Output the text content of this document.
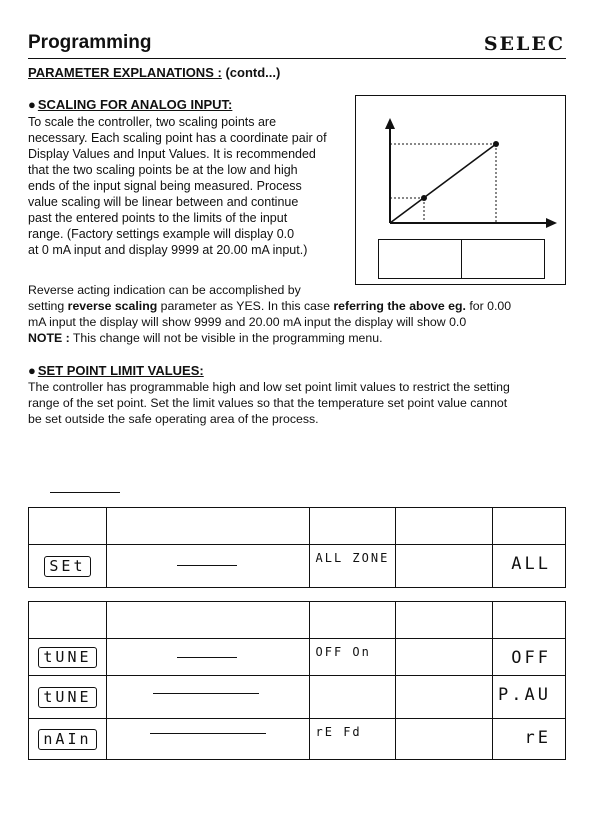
Programming	SELEC
PARAMETER EXPLANATIONS : (contd...)
● SCALING FOR ANALOG INPUT:

To scale the controller, two scaling points are

necessary. Each scaling point has a coordinate pair of

Display Values and Input Values. It is recommended

that the two scaling points be at the low and high

ends of the input signal being measured. Process

value scaling will be linear between and continue

past the entered points to the limits of the input

range. (Factory settings example will display 0.0

at 0 mA input and display 9999 at 20.00 mA input.)

Reverse acting indication can be accomplished by

setting reverse scaling parameter as YES. In this case referring the above eg. for 0.00

mA input the display will show 9999 and 20.00 mA input the display will show 0.0

NOTE : This change will not be visible in the programming menu.

● SET POINT LIMIT VALUES:

The controller has programmable high and low set point limit values to restrict the setting

range of the set point. Set the limit values so that the temperature set point value cannot

be set outside the safe operating area of the process.

SEt		ALL ZONE		ALL

tUNE		OFF On		OFF

tUNE				P.AU

nAIn		rE Fd		rE
